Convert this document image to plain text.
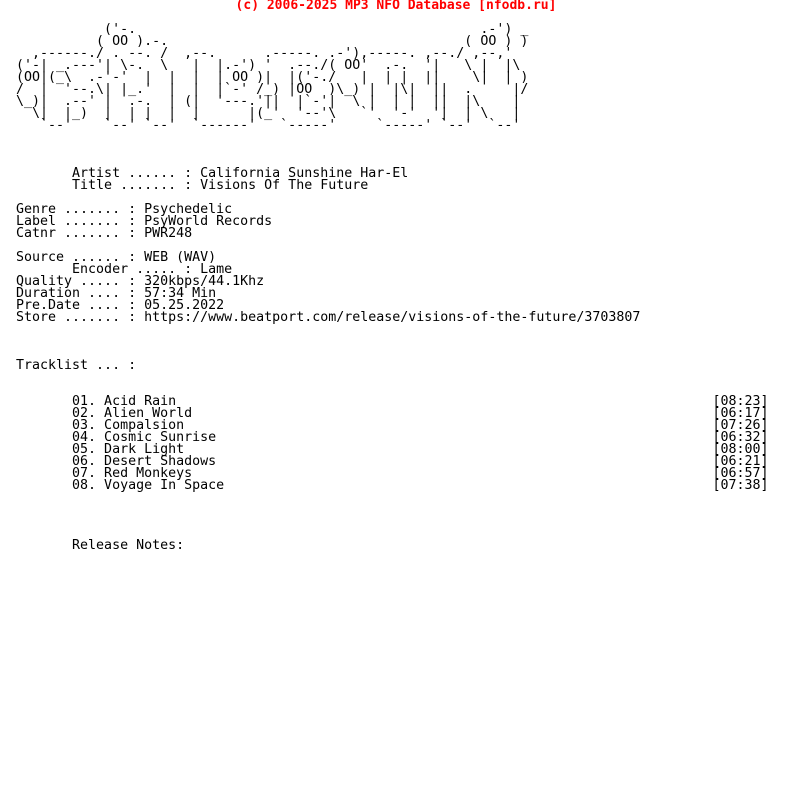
(c) 2006-2025 MP3 NFO Database [nfodb.ru]
('-.                                           .-') _
( OO ).-.                                     ( OO ) )
,------./ . --. /  ,--.      .-----. .-'),-----. ,--./ ,--,'
('-| _.---'| \-.  \   |  |.-') '  .--./( OO'  .-.  '|   \ |  |\
(OO|(_\  .-'-'  |  |  |  | OO )|  |('-./   |  | |  ||    \|  | )
/  |  '--.\| |_.'  |  |  |`-' /_) |OO  )\_) |  |\|  ||  .     |/
\_)|  .--' |  .-.  | (|  '---.'||  |`-'|  \ |  | |  ||  |\    |
\|  |_)  |  | |  |  |      |(_'  '--'\   `'  '-'  '|  | \   |
`--'    `--' `--'  `------'   `-----'     `-----' `--'  `--'
Artist ...... : California Sunshine Har-El
Title ....... : Visions Of The Future
Genre ....... : Psychedelic
Label ....... : PsyWorld Records
Catnr ....... : PWR248
Source ...... : WEB (WAV)
Encoder ..... : Lame
Quality ..... : 320kbps/44.1Khz
Duration .... : 57:34 Min
Pre.Date .... : 05.25.2022
Store ....... : https://www.beatport.com/release/visions-of-the-future/3703807
Tracklist ... :
01. Acid Rain                                                                   [08:23]
02. Alien World                                                                 [06:17]
03. Compalsion                                                                  [07:26]
04. Cosmic Sunrise                                                              [06:32]
05. Dark Light                                                                  [08:00]
06. Desert Shadows                                                              [06:21]
07. Red Monkeys                                                                 [06:57]
08. Voyage In Space                                                             [07:38]
Release Notes:
